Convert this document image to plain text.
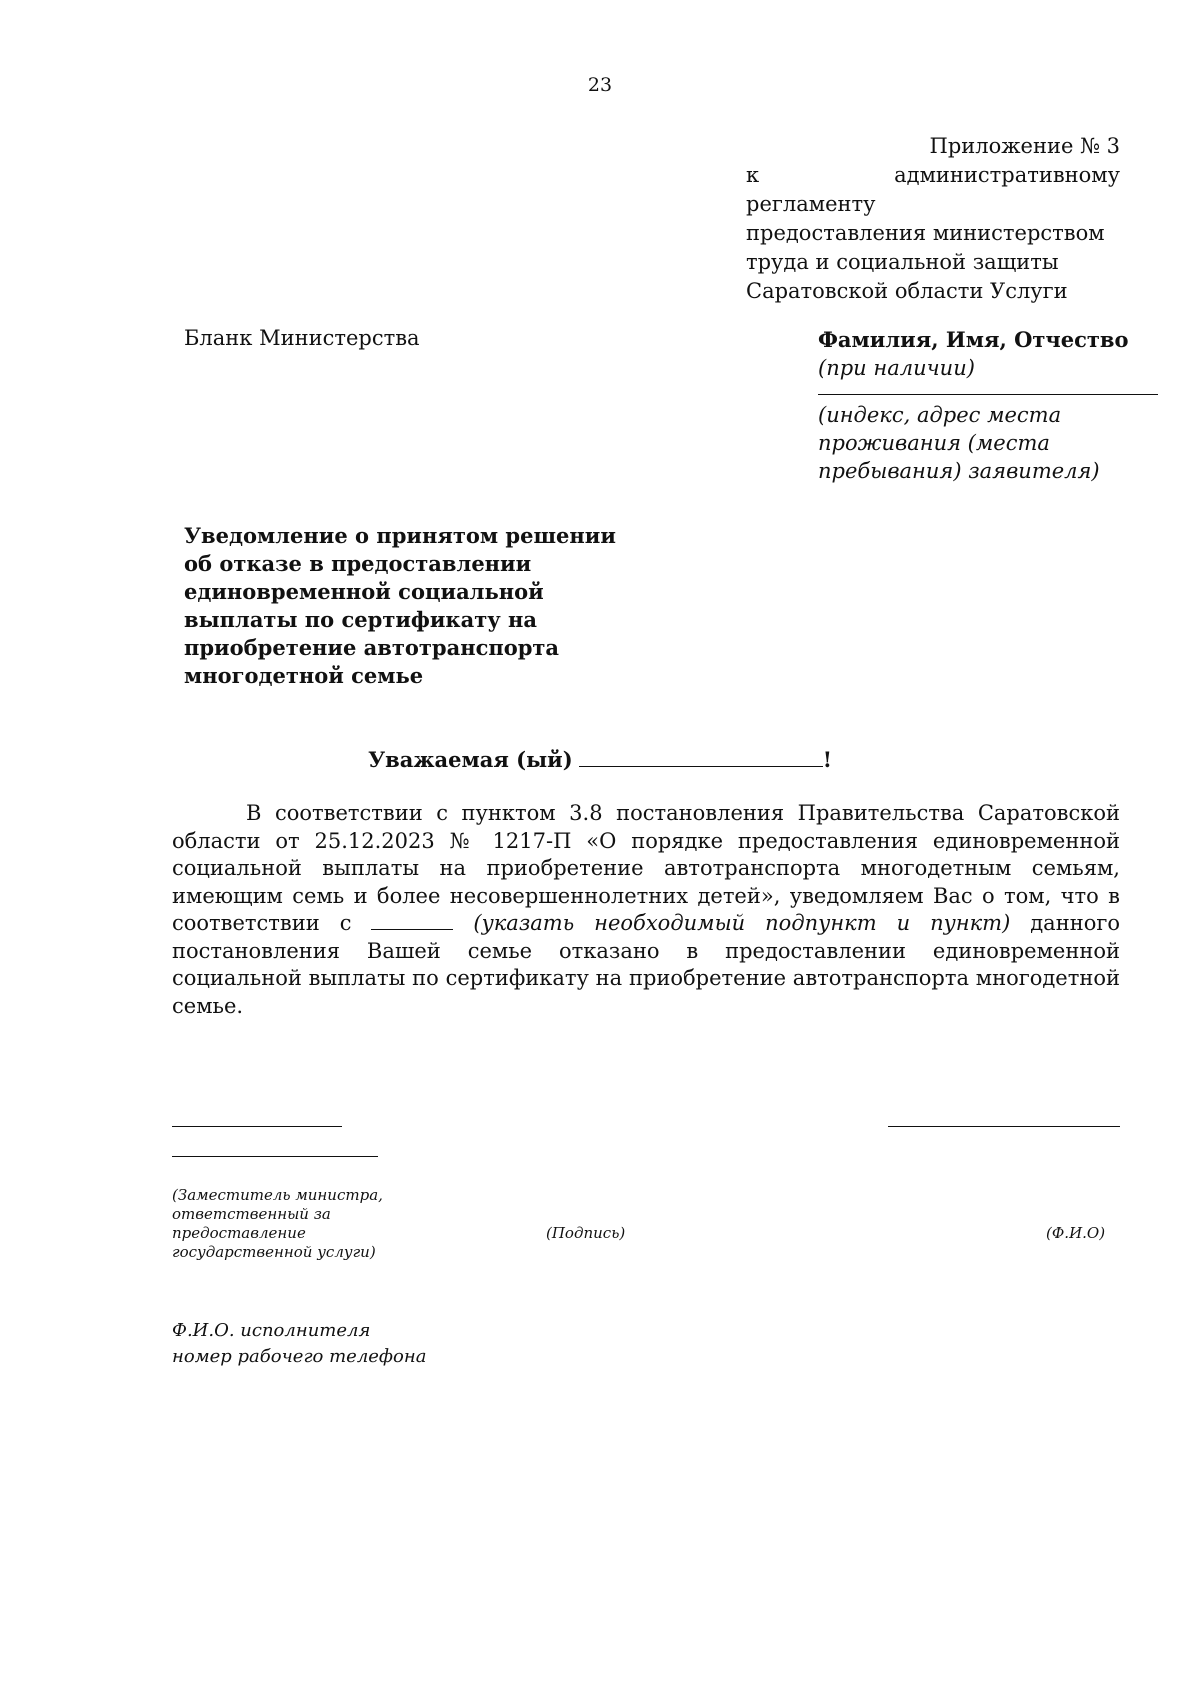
23
Приложение № 3
к административному регламенту
предоставления министерством
труда и социальной защиты
Саратовской области Услуги
Бланк Министерства	Фамилия, Имя, Отчество (при наличии)
(индекс, адрес места проживания (места пребывания) заявителя)
Уведомление о принятом решении об отказе в предоставлении единовременной социальной выплаты по сертификату на приобретение автотранспорта многодетной семье
Уважаемая (ый)	!
В соответствии с пунктом 3.8 постановления Правительства Саратовской области от 25.12.2023 № 1217-П «О порядке предоставления единовременной социальной выплаты на приобретение автотранспорта многодетным семьям, имеющим семь и более несовершеннолетних детей», уведомляем Вас о том, что в соответствии с	(указать необходимый подпункт и пункт) данного постановления Вашей семье отказано в предоставлении единовременной социальной выплаты по сертификату на приобретение автотранспорта многодетной семье.
(Заместитель министра, ответственный за предоставление государственной услуги)
(Подпись)	(Ф.И.О)
Ф.И.О. исполнителя
номер рабочего телефона
